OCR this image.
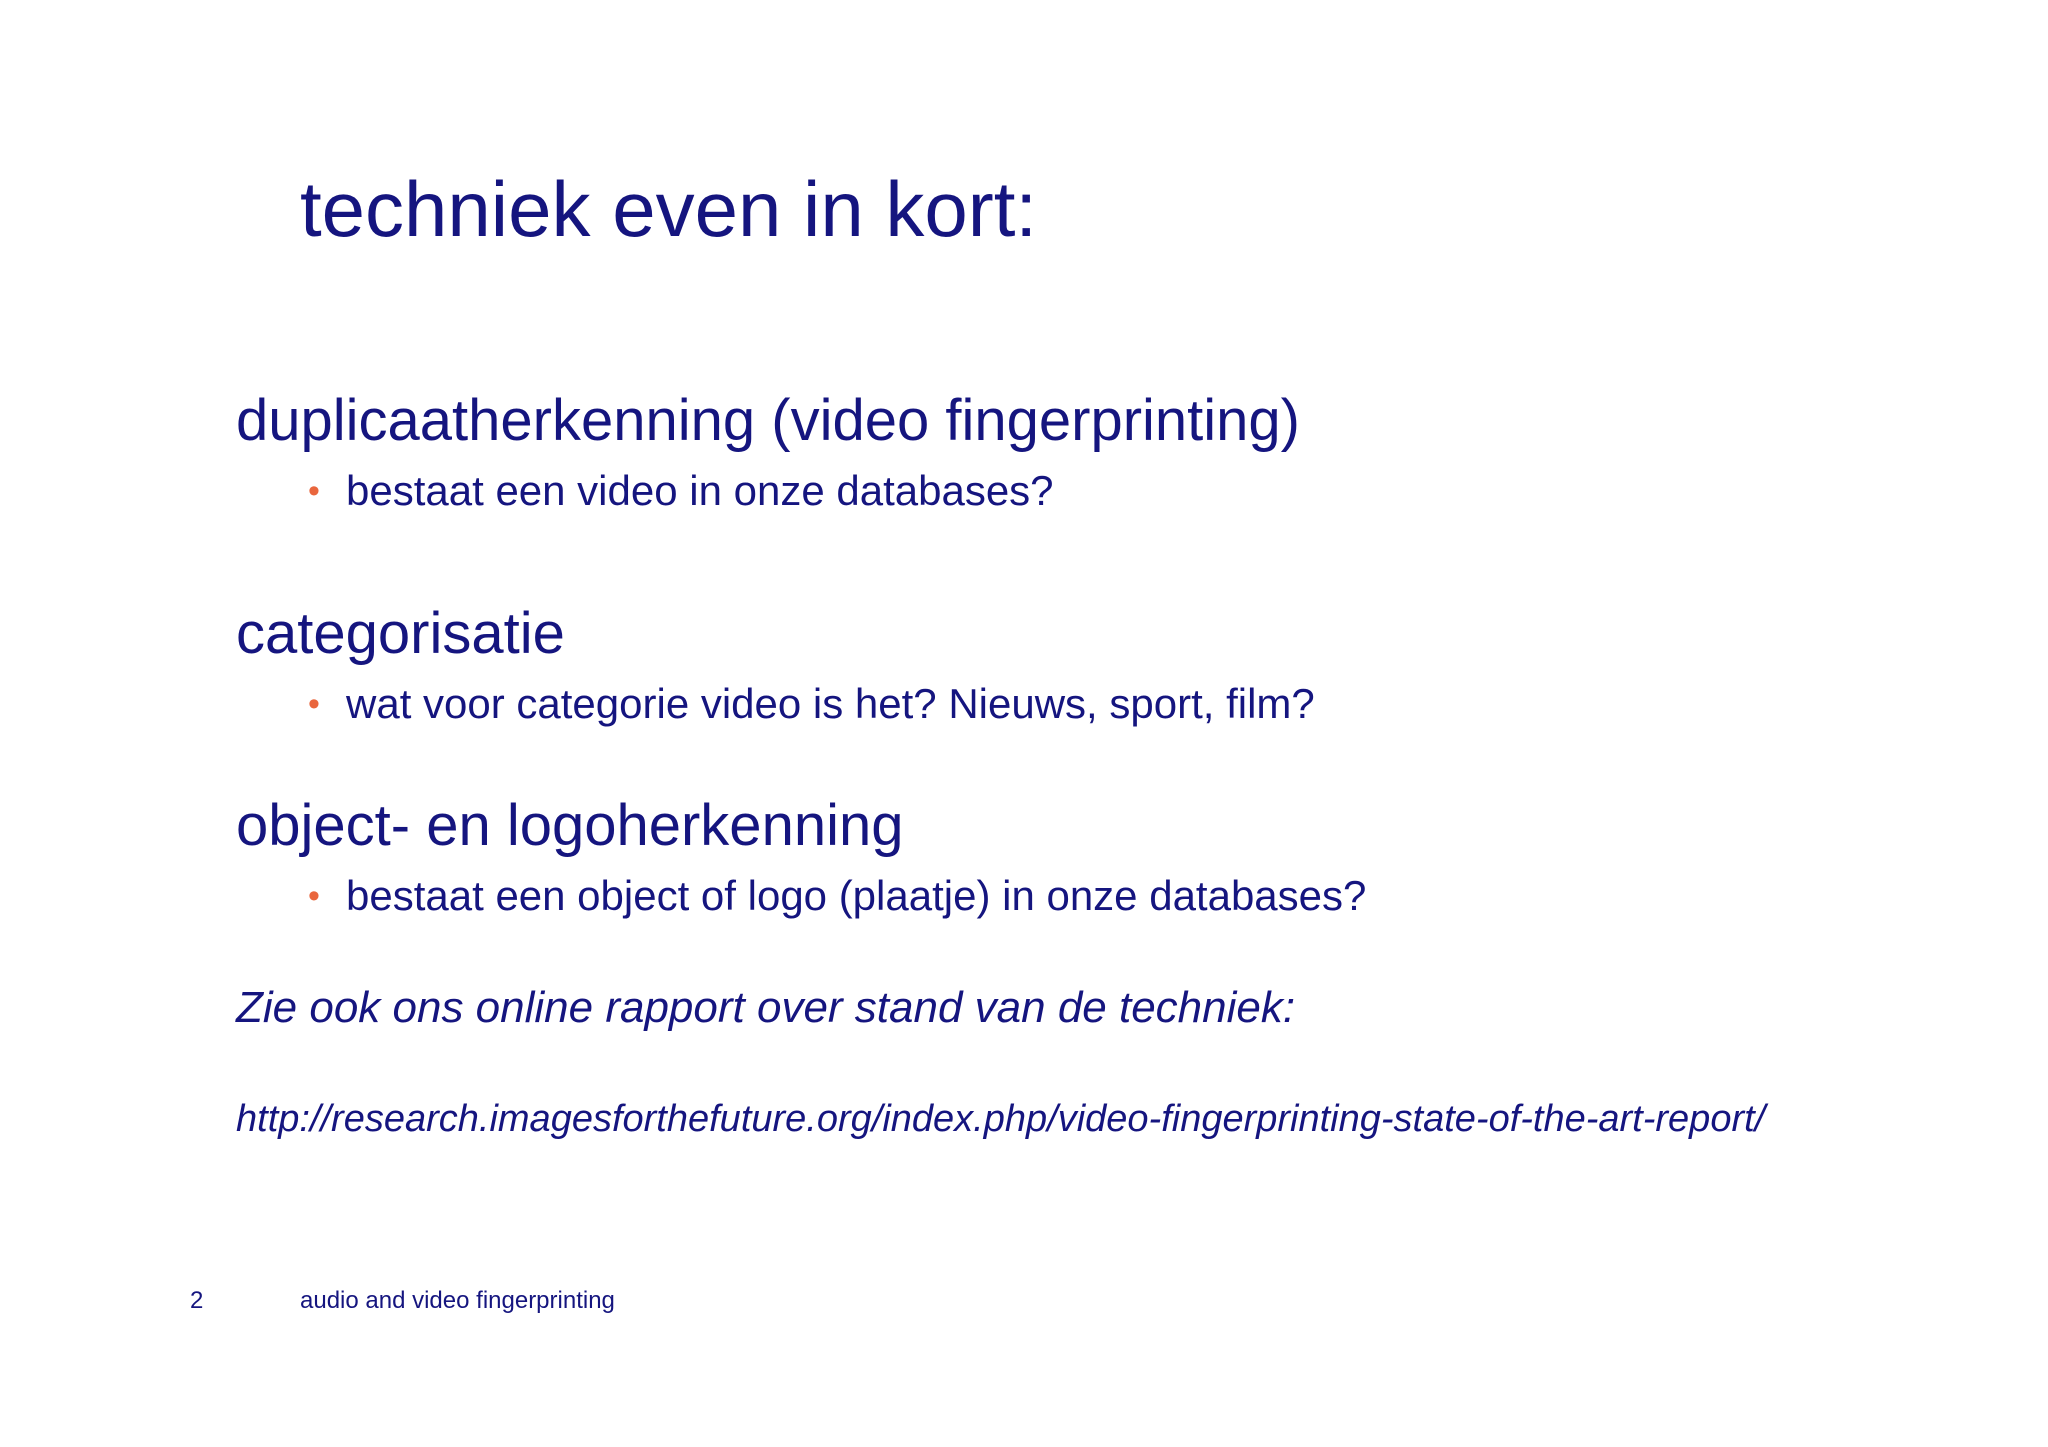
techniek even in kort:

duplicaatherkenning (video fingerprinting)

• bestaat een video in onze databases?

categorisatie

• wat voor categorie video is het? Nieuws, sport, film?

object- en logoherkenning

• bestaat een object of logo (plaatje) in onze databases?
Zie ook ons online rapport over stand van de techniek:
http://research.imagesforthefuture.org/index.php/video-fingerprinting-state-of-the-art-report/
2	audio and video fingerprinting
